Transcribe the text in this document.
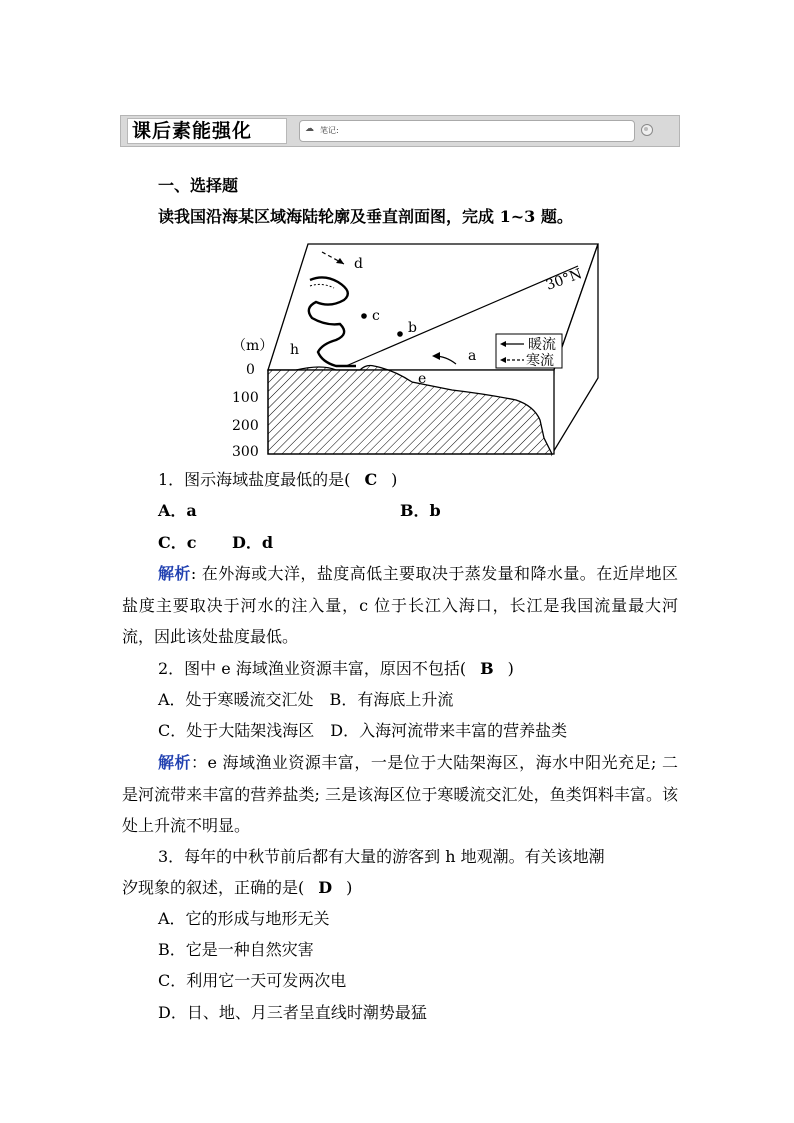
课后素能强化	☁ 笔记:
一、选择题
读我国沿海某区域海陆轮廓及垂直剖面图，完成 1~3 题。
暖流
寒流
d
c
b
a
h
e
30°N
（m）
0
100
200
300
1．图示海域盐度最低的是( C )
A．a	B．b
C．c D．d
解析: 在外海或大洋，盐度高低主要取决于蒸发量和降水量。在近岸地区盐度主要取决于河水的注入量，c 位于长江入海口，长江是我国流量最大河流，因此该处盐度最低。
2．图中 e 海域渔业资源丰富，原因不包括( B )
A．处于寒暖流交汇处　B．有海底上升流
C．处于大陆架浅海区　D．入海河流带来丰富的营养盐类
解析：e 海域渔业资源丰富，一是位于大陆架海区，海水中阳光充足; 二是河流带来丰富的营养盐类; 三是该海区位于寒暖流交汇处，鱼类饵料丰富。该处上升流不明显。
3．每年的中秋节前后都有大量的游客到 h 地观潮。有关该地潮
汐现象的叙述，正确的是( D )
A．它的形成与地形无关
B．它是一种自然灾害
C．利用它一天可发两次电
D．日、地、月三者呈直线时潮势最猛
